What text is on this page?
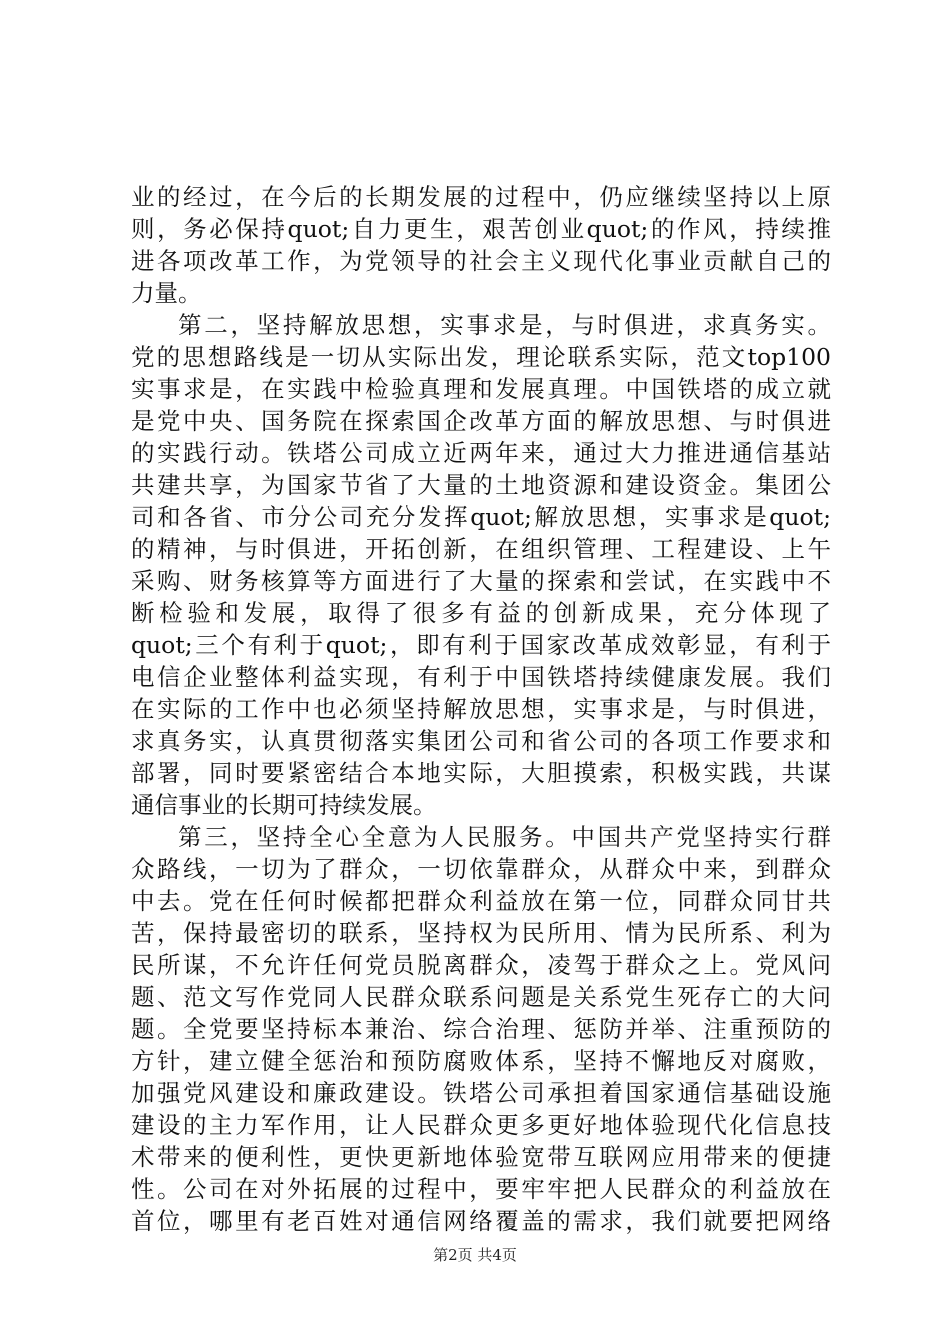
业的经过，在今后的长期发展的过程中，仍应继续坚持以上原
则，务必保持quot;自力更生，艰苦创业quot;的作风，持续推
进各项改革工作，为党领导的社会主义现代化事业贡献自己的
力量。
第二，坚持解放思想，实事求是，与时俱进，求真务实。
党的思想路线是一切从实际出发，理论联系实际，范文top100
实事求是，在实践中检验真理和发展真理。中国铁塔的成立就
是党中央、国务院在探索国企改革方面的解放思想、与时俱进
的实践行动。铁塔公司成立近两年来，通过大力推进通信基站
共建共享，为国家节省了大量的土地资源和建设资金。集团公
司和各省、市分公司充分发挥quot;解放思想，实事求是quot;
的精神，与时俱进，开拓创新，在组织管理、工程建设、上午
采购、财务核算等方面进行了大量的探索和尝试，在实践中不
断检验和发展，取得了很多有益的创新成果，充分体现了
quot;三个有利于quot;，即有利于国家改革成效彰显，有利于
电信企业整体利益实现，有利于中国铁塔持续健康发展。我们
在实际的工作中也必须坚持解放思想，实事求是，与时俱进，
求真务实，认真贯彻落实集团公司和省公司的各项工作要求和
部署，同时要紧密结合本地实际，大胆摸索，积极实践，共谋
通信事业的长期可持续发展。
第三，坚持全心全意为人民服务。中国共产党坚持实行群
众路线，一切为了群众，一切依靠群众，从群众中来，到群众
中去。党在任何时候都把群众利益放在第一位，同群众同甘共
苦，保持最密切的联系，坚持权为民所用、情为民所系、利为
民所谋，不允许任何党员脱离群众，凌驾于群众之上。党风问
题、范文写作党同人民群众联系问题是关系党生死存亡的大问
题。全党要坚持标本兼治、综合治理、惩防并举、注重预防的
方针，建立健全惩治和预防腐败体系，坚持不懈地反对腐败，
加强党风建设和廉政建设。铁塔公司承担着国家通信基础设施
建设的主力军作用，让人民群众更多更好地体验现代化信息技
术带来的便利性，更快更新地体验宽带互联网应用带来的便捷
性。公司在对外拓展的过程中，要牢牢把人民群众的利益放在
首位，哪里有老百姓对通信网络覆盖的需求，我们就要把网络
第2页 共4页
